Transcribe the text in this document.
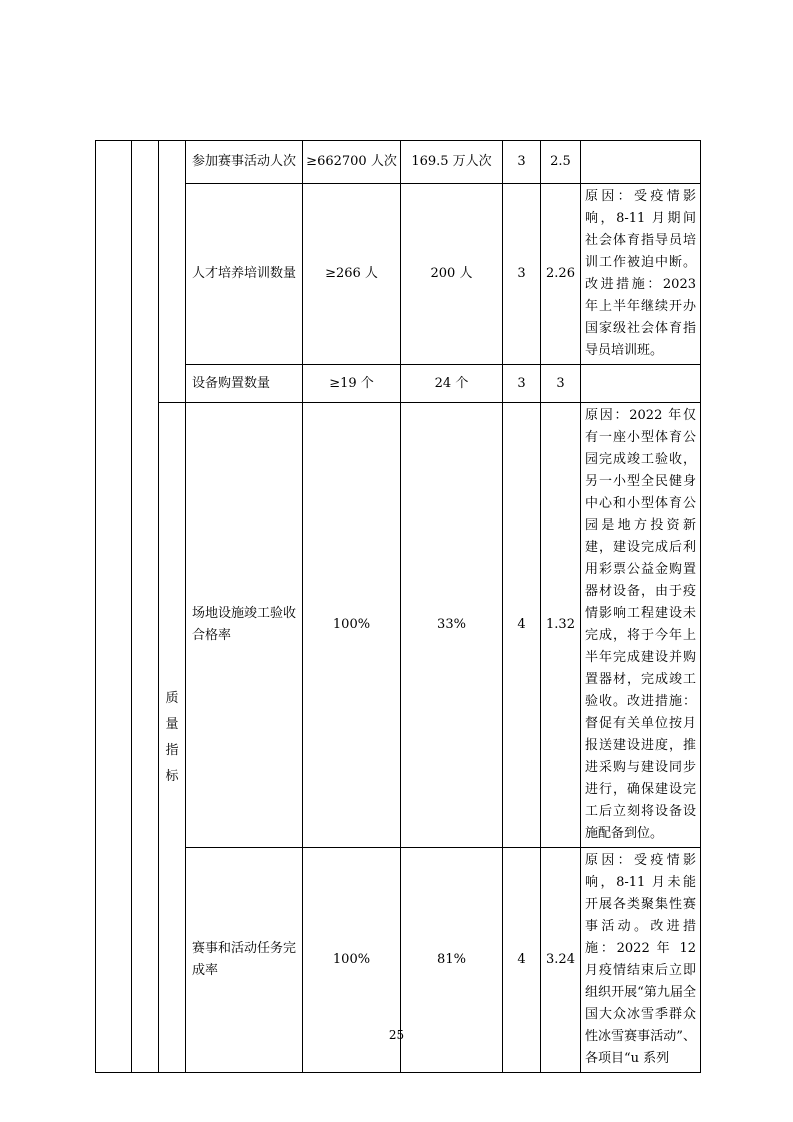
			参加赛事活动人次	≥662700 人次	169.5 万人次	3	2.5	
			人才培养培训数量	≥266 人	200 人	3	2.26	原因：受疫情影响，8-11 月期间社会体育指导员培训工作被迫中断。改进措施：2023 年上半年继续开办国家级社会体育指导员培训班。
			设备购置数量	≥19 个	24 个	3	3	
		质量指标	场地设施竣工验收合格率	100%	33%	4	1.32	原因：2022 年仅有一座小型体育公园完成竣工验收，另一小型全民健身中心和小型体育公园是地方投资新建，建设完成后利用彩票公益金购置器材设备，由于疫情影响工程建设未完成，将于今年上半年完成建设并购置器材，完成竣工验收。改进措施：督促有关单位按月报送建设进度，推进采购与建设同步进行，确保建设完工后立刻将设备设施配备到位。
			赛事和活动任务完成率	100%	81%	4	3.24	原因：受疫情影响，8-11 月未能开展各类聚集性赛事活动。改进措施：2022 年 12 月疫情结束后立即组织开展“第九届全国大众冰雪季群众性冰雪赛事活动”、各项目“u 系列
25
